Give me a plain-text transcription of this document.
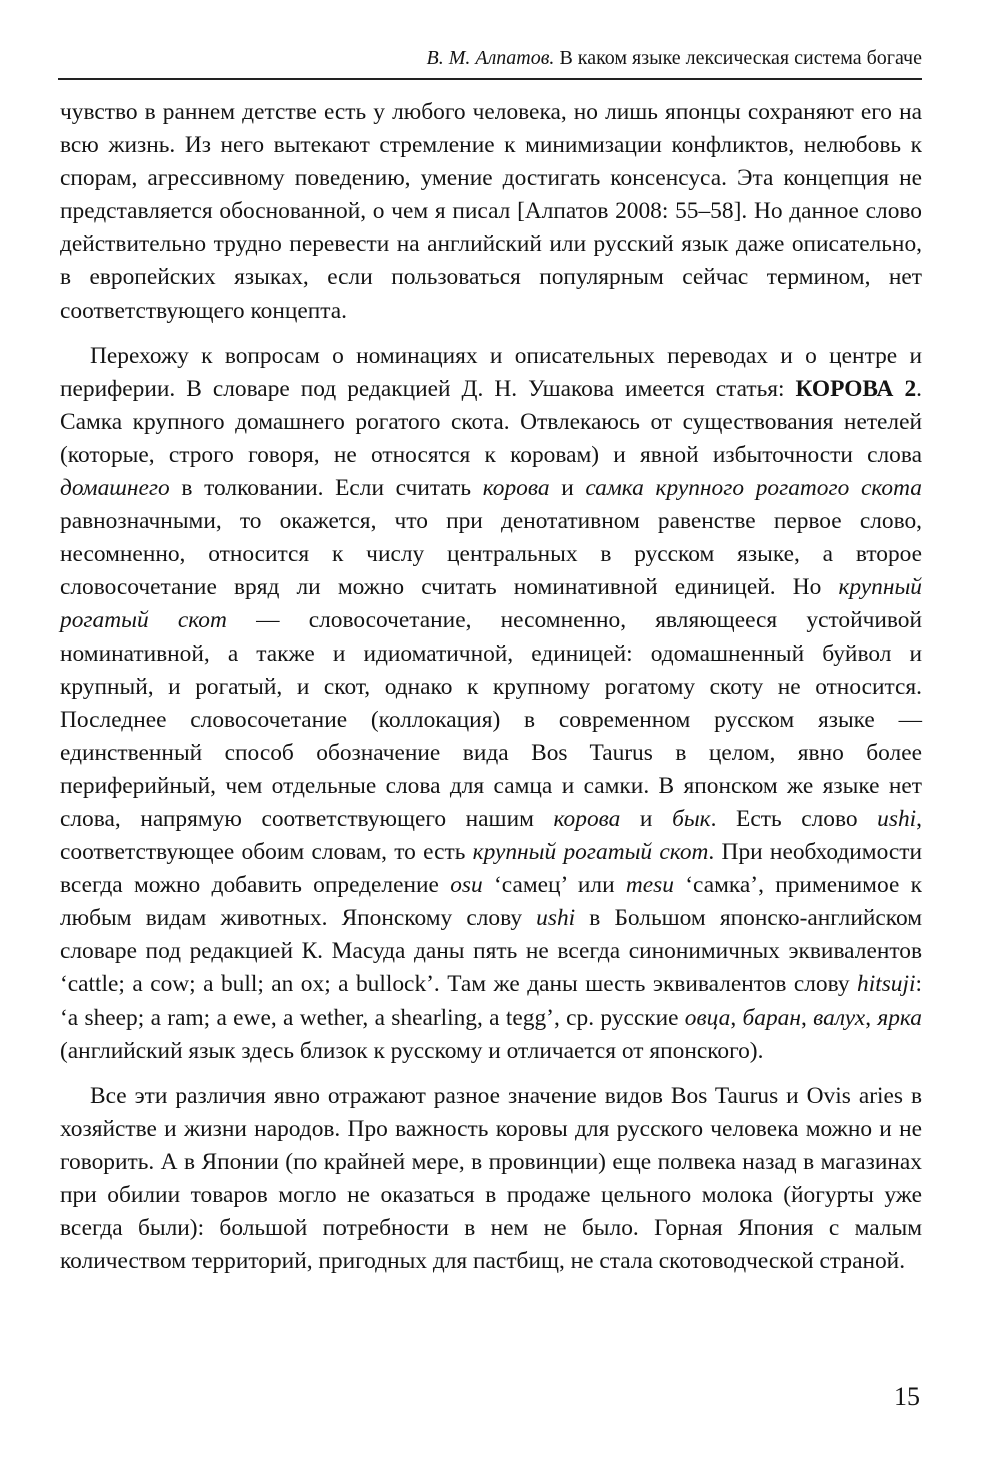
В. М. Алпатов. В каком языке лексическая система богаче

чувство в раннем детстве есть у любого человека, но лишь японцы сохраняют его на всю жизнь. Из него вытекают стремление к минимизации конфликтов, нелюбовь к спорам, агрессивному поведению, умение достигать консенсуса. Эта концепция не представляется обоснованной, о чем я писал [Алпатов 2008: 55–58]. Но данное слово действительно трудно перевести на английский или русский язык даже описательно, в европейских языках, если пользоваться популярным сейчас термином, нет соответствующего концепта.

Перехожу к вопросам о номинациях и описательных переводах и о центре и периферии. В словаре под редакцией Д. Н. Ушакова имеется статья: КОРОВА 2. Самка крупного домашнего рогатого скота. Отвлекаюсь от существования нетелей (которые, строго говоря, не относятся к коровам) и явной избыточности слова домашнего в толковании. Если считать корова и самка крупного рогатого скота равнозначными, то окажется, что при денотативном равенстве первое слово, несомненно, относится к числу центральных в русском языке, а второе словосочетание вряд ли можно считать номинативной единицей. Но крупный рогатый скот — словосочетание, несомненно, являющееся устойчивой номинативной, а также и идиоматичной, единицей: одомашненный буйвол и крупный, и рогатый, и скот, однако к крупному рогатому скоту не относится. Последнее словосочетание (коллокация) в современном русском языке — единственный способ обозначение вида Bos Taurus в целом, явно более периферийный, чем отдельные слова для самца и самки. В японском же языке нет слова, напрямую соответствующего нашим корова и бык. Есть слово ushi, соответствующее обоим словам, то есть крупный рогатый скот. При необходимости всегда можно добавить определение osu ‘самец’ или mesu ‘самка’, применимое к любым видам животных. Японскому слову ushi в Большом японско-английском словаре под редакцией К. Масуда даны пять не всегда синонимичных эквивалентов ‘cattle; a cow; a bull; an ox; a bullock’. Там же даны шесть эквивалентов слову hitsuji: ‘a sheep; a ram; a ewe, a wether, a shearling, a tegg’, ср. русские овца, баран, валух, ярка (английский язык здесь близок к русскому и отличается от японского).

Все эти различия явно отражают разное значение видов Bos Taurus и Ovis aries в хозяйстве и жизни народов. Про важность коровы для русского человека можно и не говорить. А в Японии (по крайней мере, в провинции) еще полвека назад в магазинах при обилии товаров могло не оказаться в продаже цельного молока (йогурты уже всегда были): большой потребности в нем не было. Горная Япония с малым количеством территорий, пригодных для пастбищ, не стала скотоводческой страной.

15
